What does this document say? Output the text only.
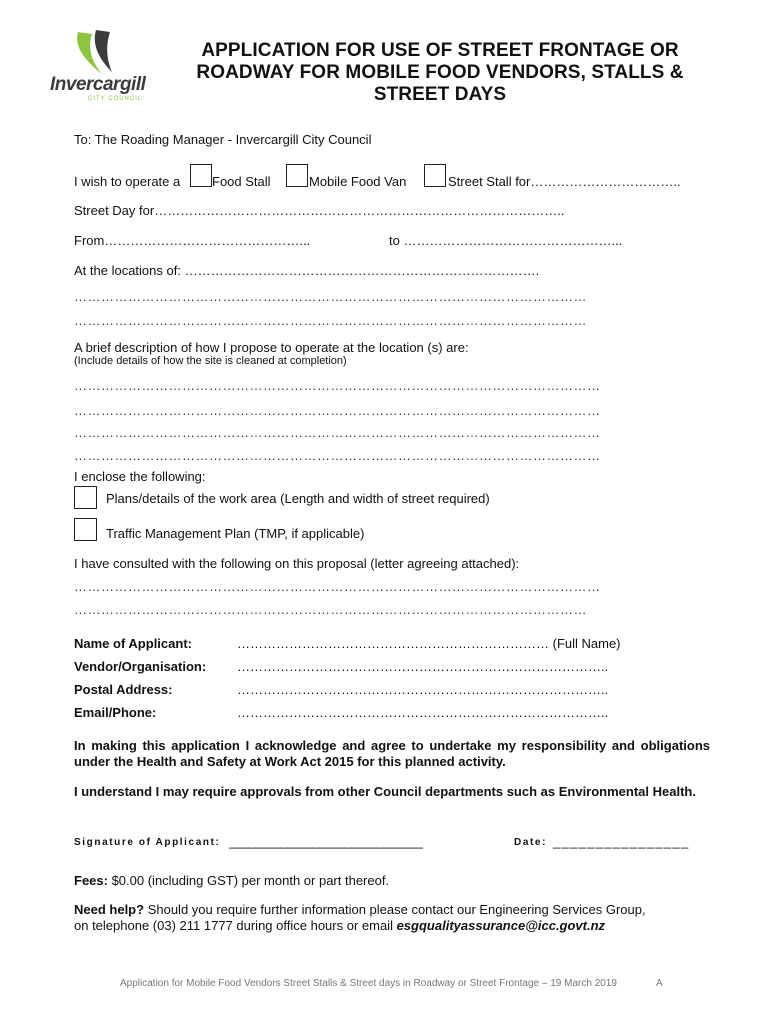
Invercargill
CITY COUNCIL
APPLICATION FOR USE OF STREET FRONTAGE OR
ROADWAY FOR MOBILE FOOD VENDORS, STALLS &
STREET DAYS
To: The Roading Manager - Invercargill City Council
I wish to operate a Food Stall	Mobile Food Van	Street Stall for……………………………..
Street Day for…………………………………………………………………………………..
From………………………………………...	to …………………………………………...
At the locations of: ……………………………………………………………………….
……………………………………………………………………………………………………
……………………………………………………………………………………………………
A brief description of how I propose to operate at the location (s) are:
(Include details of how the site is cleaned at completion)
………………………………………………………………………………………………………
………………………………………………………………………………………………………
………………………………………………………………………………………………………
………………………………………………………………………………………………………
I enclose the following:
Plans/details of the work area (Length and width of street required)
Traffic Management Plan (TMP, if applicable)
I have consulted with the following on this proposal (letter agreeing attached):
………………………………………………………………………………………………………
……………………………………………………………………………………………………
Name of Applicant:	……………………………………………………………… (Full Name)
Vendor/Organisation: …………………………………………………………………………..
Postal Address:	…………………………………………………………………………..
Email/Phone:	…………………………………………………………………………..
In making this application I acknowledge and agree to undertake my responsibility and obligations under the Health and Safety at Work Act 2015 for this planned activity.
I understand I may require approvals from other Council departments such as Environmental Health.
Signature of Applicant: ______________________________	Date: ________________
Fees: $0.00 (including GST) per month or part thereof.
Need help? Should you require further information please contact our Engineering Services Group,
on telephone (03) 211 1777 during office hours or email esgqualityassurance@icc.govt.nz
Application for Mobile Food Vendors Street Stalls & Street days in Roadway or Street Frontage – 19 March 2019	A
